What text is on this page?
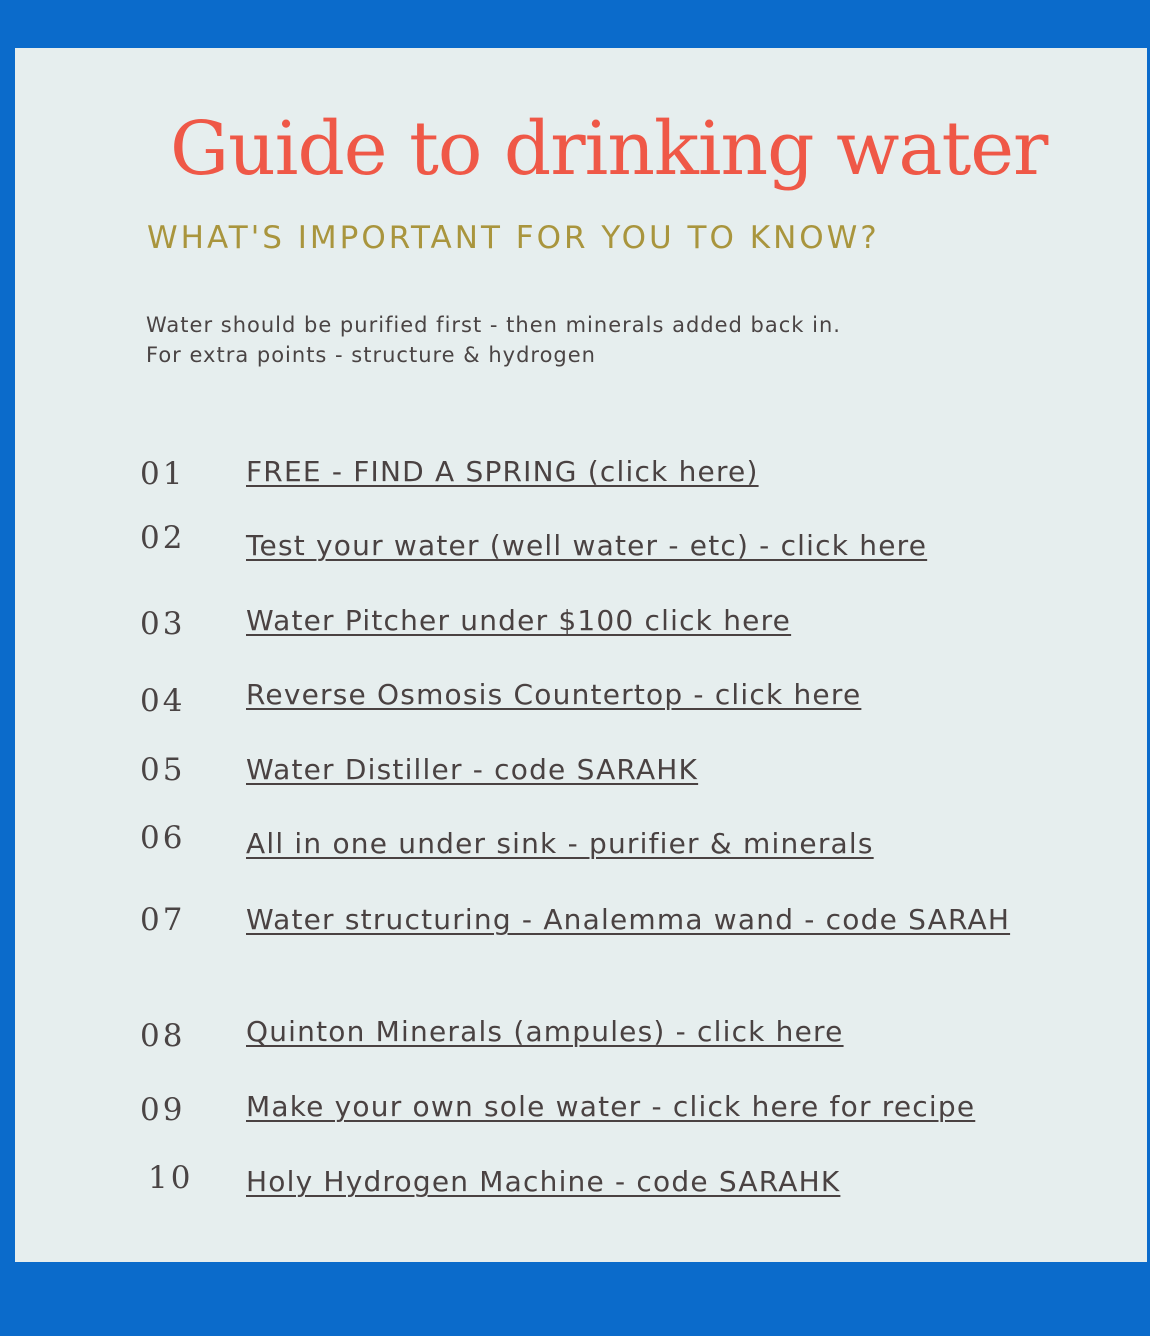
Guide to drinking water
WHAT'S IMPORTANT FOR YOU TO KNOW?
Water should be purified first - then minerals added back in.
For extra points - structure & hydrogen
01 FREE - FIND A SPRING (click here)
02 Test your water (well water - etc) - click here
03 Water Pitcher under $100 click here
04 Reverse Osmosis Countertop - click here
05 Water Distiller - code SARAHK
06 All in one under sink - purifier & minerals
07 Water structuring - Analemma wand - code SARAH
08 Quinton Minerals (ampules) - click here
09 Make your own sole water - click here for recipe
10 Holy Hydrogen Machine - code SARAHK
